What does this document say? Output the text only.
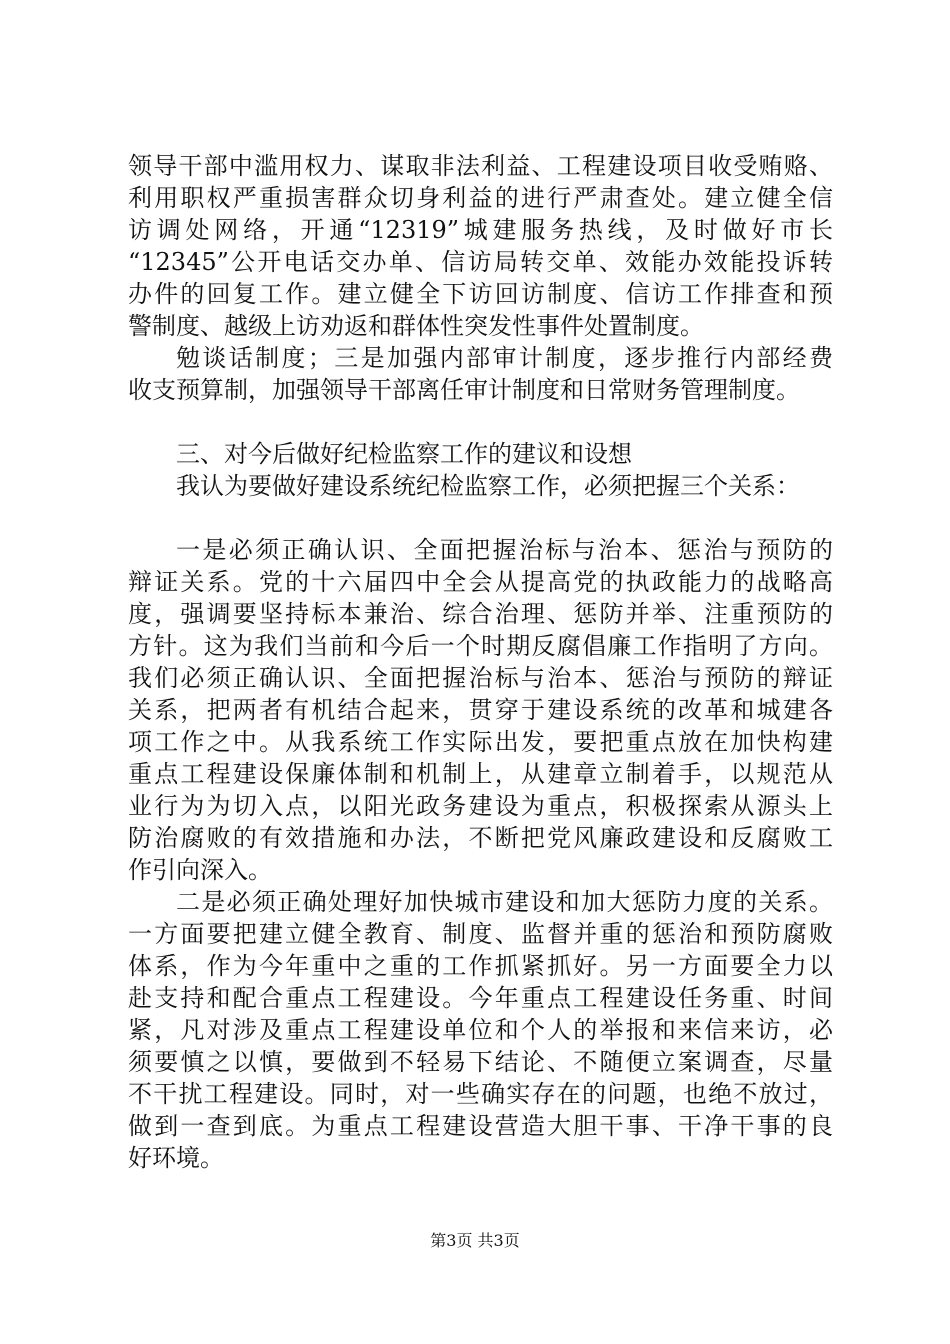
领导干部中滥用权力、谋取非法利益、工程建设项目收受贿赂、
利用职权严重损害群众切身利益的进行严肃查处。建立健全信
访调处网络，开通“12319”城建服务热线，及时做好市长
“12345”公开电话交办单、信访局转交单、效能办效能投诉转
办件的回复工作。建立健全下访回访制度、信访工作排查和预
警制度、越级上访劝返和群体性突发性事件处置制度。
勉谈话制度；三是加强内部审计制度，逐步推行内部经费
收支预算制，加强领导干部离任审计制度和日常财务管理制度。
三、对今后做好纪检监察工作的建议和设想
我认为要做好建设系统纪检监察工作，必须把握三个关系：
一是必须正确认识、全面把握治标与治本、惩治与预防的
辩证关系。党的十六届四中全会从提高党的执政能力的战略高
度，强调要坚持标本兼治、综合治理、惩防并举、注重预防的
方针。这为我们当前和今后一个时期反腐倡廉工作指明了方向。
我们必须正确认识、全面把握治标与治本、惩治与预防的辩证
关系，把两者有机结合起来，贯穿于建设系统的改革和城建各
项工作之中。从我系统工作实际出发，要把重点放在加快构建
重点工程建设保廉体制和机制上，从建章立制着手，以规范从
业行为为切入点，以阳光政务建设为重点，积极探索从源头上
防治腐败的有效措施和办法，不断把党风廉政建设和反腐败工
作引向深入。
二是必须正确处理好加快城市建设和加大惩防力度的关系。
一方面要把建立健全教育、制度、监督并重的惩治和预防腐败
体系，作为今年重中之重的工作抓紧抓好。另一方面要全力以
赴支持和配合重点工程建设。今年重点工程建设任务重、时间
紧，凡对涉及重点工程建设单位和个人的举报和来信来访，必
须要慎之以慎，要做到不轻易下结论、不随便立案调查，尽量
不干扰工程建设。同时，对一些确实存在的问题，也绝不放过，
做到一查到底。为重点工程建设营造大胆干事、干净干事的良
好环境。
第3页 共3页
